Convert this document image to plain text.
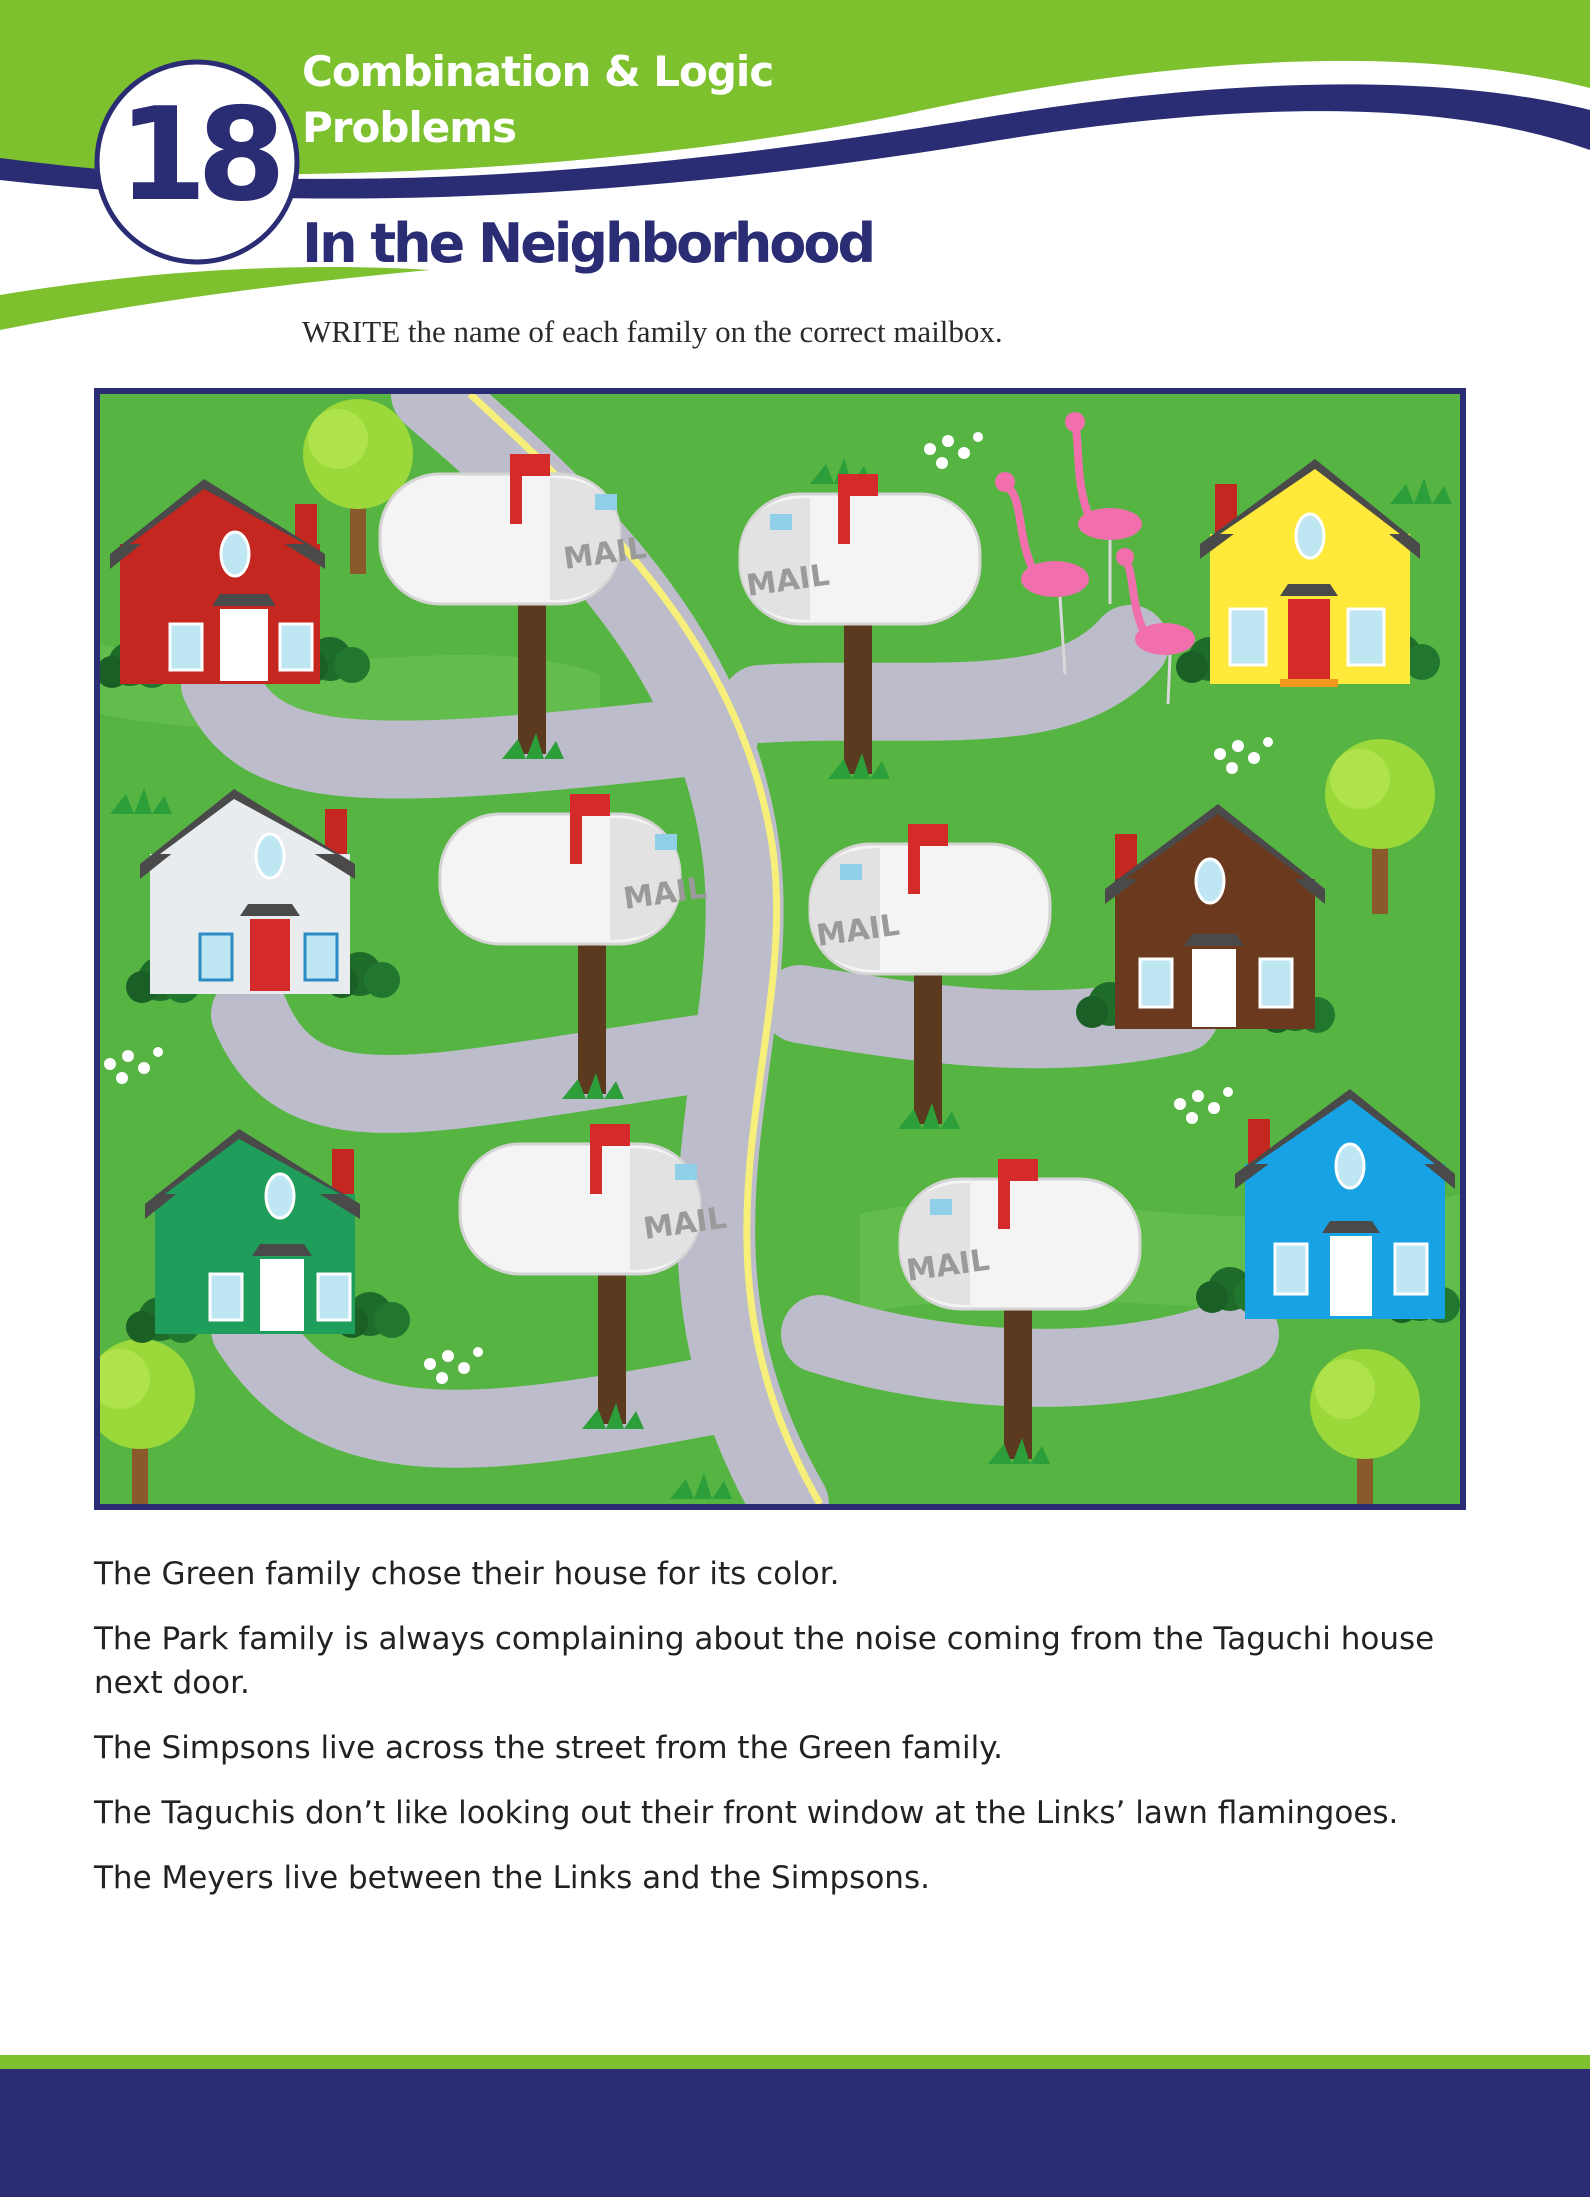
18
Combination & Logic
Problems
In the Neighborhood

WRITE the name of each family on the correct mailbox.

MAIL
MAIL
MAIL
MAIL
MAIL
MAIL
The Green family chose their house for its color.
The Park family is always complaining about the noise coming from the Taguchi house next door.
The Simpsons live across the street from the Green family.
The Taguchis don’t like looking out their front window at the Links’ lawn flamingoes.
The Meyers live between the Links and the Simpsons.
